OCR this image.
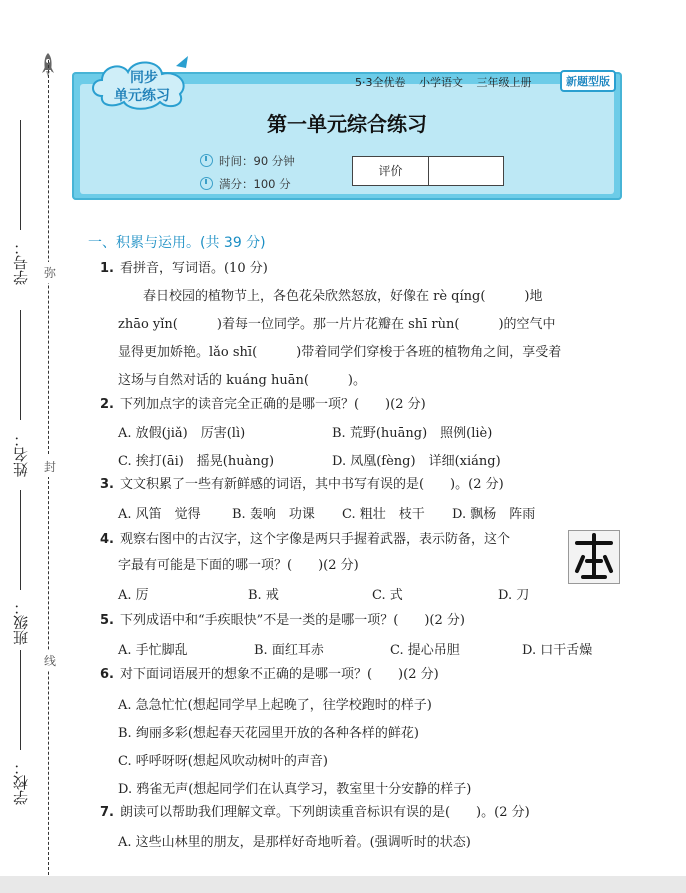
弥
封
线
学号：
姓名：
班级：
学校：
5·3全优卷 小学语文 三年级上册	新题型版
同步
单元练习
第一单元综合练习
时间：90 分钟
满分：100 分
评价
一、积累与运用。(共 39 分)
1. 看拼音，写词语。(10 分)
春日校园的植物节上，各色花朵欣然怒放，好像在 rè qíng(　　　)地
zhāo yǐn(　　　)着每一位同学。那一片片花瓣在 shī rùn(　　　)的空气中
显得更加娇艳。lǎo shī(　　　)带着同学们穿梭于各班的植物角之间，享受着
这场与自然对话的 kuáng huān(　　　)。
2. 下列加点字的读音完全正确的是哪一项？(　　)(2 分)
A. 放假(jiǎ)　厉害(lì)	B. 荒野(huāng)　照例(liè)
C. 挨打(āi)　摇晃(huàng)	D. 凤凰(fèng)　详细(xiáng)
3. 文文积累了一些有新鲜感的词语，其中书写有误的是(　　)。(2 分)
A. 风笛　觉得 B. 轰响　功课 C. 粗壮　枝干 D. 飘杨　阵雨
4. 观察右图中的古汉字，这个字像是两只手握着武器，表示防备，这个
字最有可能是下面的哪一项？(　　)(2 分)
A. 厉	B. 戒	C. 式	D. 刀
5. 下列成语中和“手疾眼快”不是一类的是哪一项？(　　)(2 分)
A. 手忙脚乱	B. 面红耳赤	C. 提心吊胆	D. 口干舌燥
6. 对下面词语展开的想象不正确的是哪一项？(　　)(2 分)
A. 急急忙忙(想起同学早上起晚了，往学校跑时的样子)
B. 绚丽多彩(想起春天花园里开放的各种各样的鲜花)
C. 呼呼呀呀(想起风吹动树叶的声音)
D. 鸦雀无声(想起同学们在认真学习，教室里十分安静的样子)
7. 朗读可以帮助我们理解文章。下列朗读重音标识有误的是(　　)。(2 分)
A. 这些山林里的朋友，是那样好奇地听着。(强调听时的状态)
